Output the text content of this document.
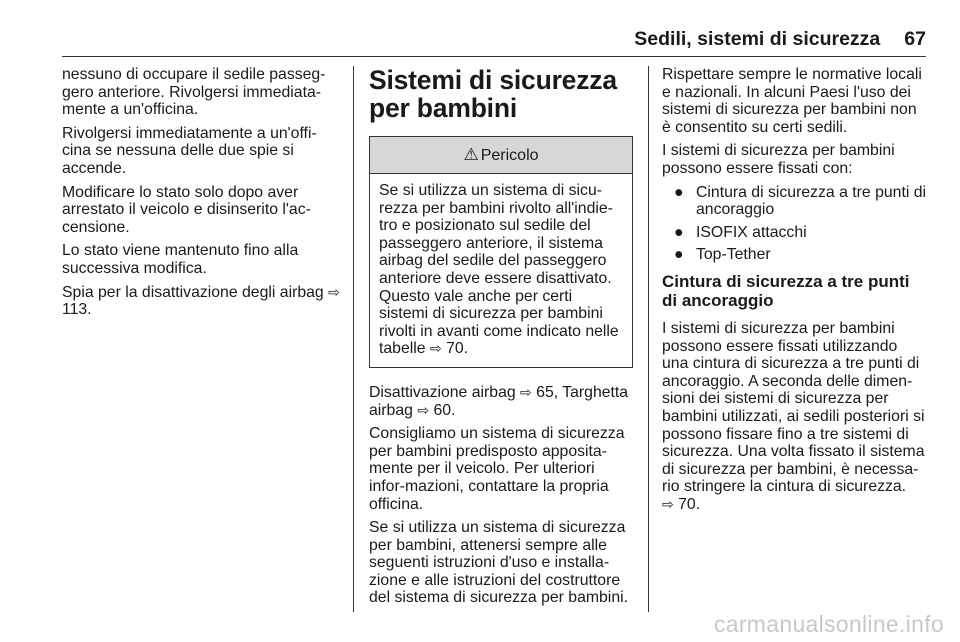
Sedili, sistemi di sicurezza 67

nessuno di occupare il sedile passeg-gero anteriore. Rivolgersi immediata-mente a un'officina.

Rivolgersi immediatamente a un'offi-cina se nessuna delle due spie si accende.

Modificare lo stato solo dopo aver arrestato il veicolo e disinserito l'ac-censione.

Lo stato viene mantenuto fino alla successiva modifica.

Spia per la disattivazione degli airbag ⇨ 113.

Sistemi di sicurezza per bambini
⚠ Pericolo
Se si utilizza un sistema di sicu-rezza per bambini rivolto all'indie-tro e posizionato sul sedile del passeggero anteriore, il sistema airbag del sedile del passeggero anteriore deve essere disattivato. Questo vale anche per certi sistemi di sicurezza per bambini rivolti in avanti come indicato nelle tabelle ⇨ 70.

Disattivazione airbag ⇨ 65, Targhetta airbag ⇨ 60.

Consigliamo un sistema di sicurezza per bambini predisposto apposita-mente per il veicolo. Per ulteriori infor-mazioni, contattare la propria officina.

Se si utilizza un sistema di sicurezza per bambini, attenersi sempre alle seguenti istruzioni d'uso e installa-zione e alle istruzioni del costruttore del sistema di sicurezza per bambini.

Rispettare sempre le normative locali e nazionali. In alcuni Paesi l'uso dei sistemi di sicurezza per bambini non è consentito su certi sedili.

I sistemi di sicurezza per bambini possono essere fissati con:

● Cintura di sicurezza a tre punti di ancoraggio
● ISOFIX attacchi
● Top-Tether
Cintura di sicurezza a tre punti di ancoraggio

I sistemi di sicurezza per bambini possono essere fissati utilizzando una cintura di sicurezza a tre punti di ancoraggio. A seconda delle dimen-sioni dei sistemi di sicurezza per bambini utilizzati, ai sedili posteriori si possono fissare fino a tre sistemi di sicurezza. Una volta fissato il sistema di sicurezza per bambini, è necessa-rio stringere la cintura di sicurezza.
⇨ 70.

carmanualsonline.info
